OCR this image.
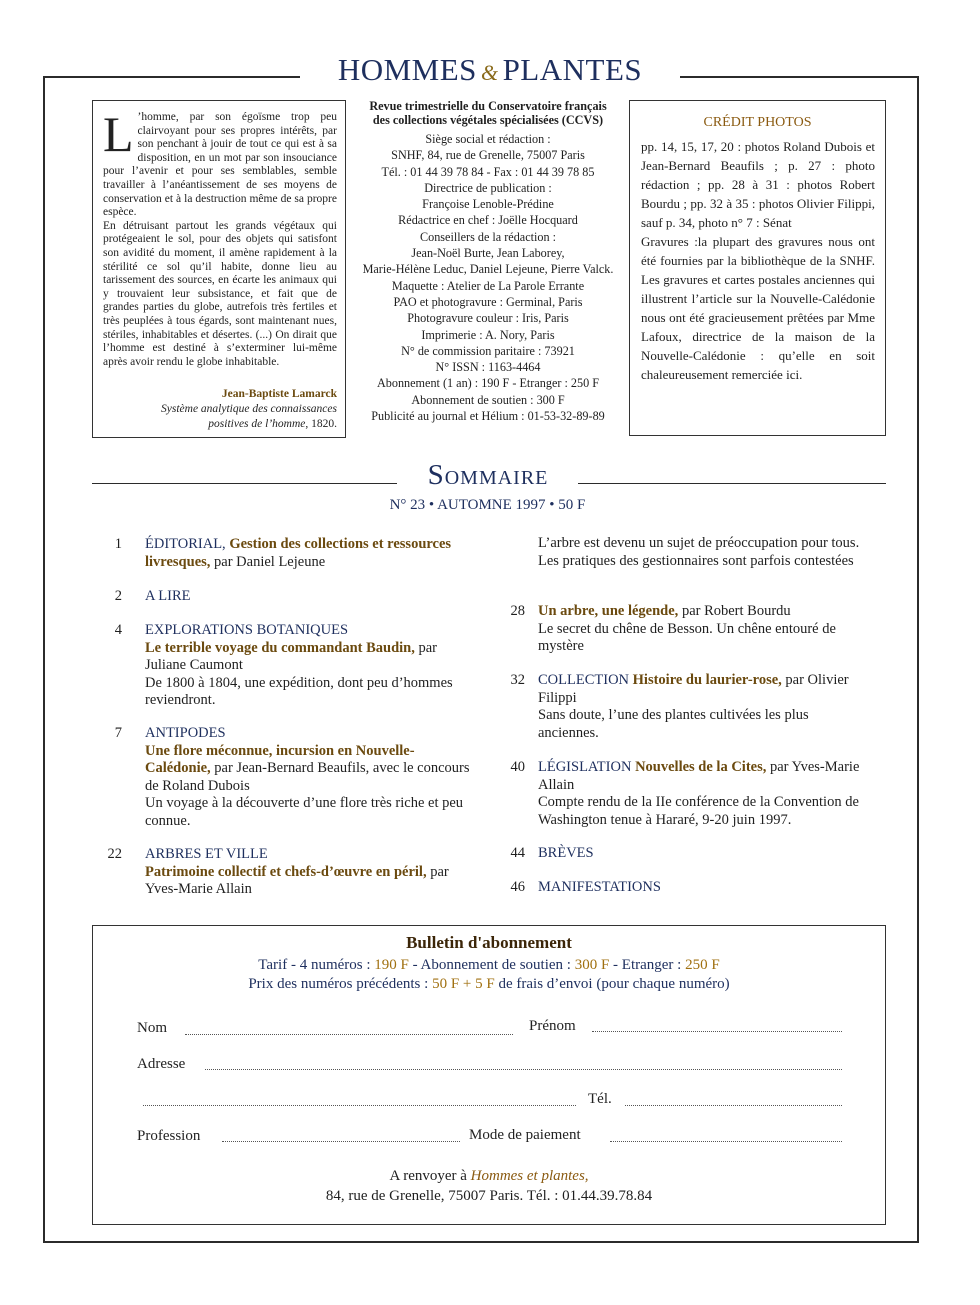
HOMMES & PLANTES
L ’homme, par son égoïsme trop peu clairvoyant pour ses propres intérêts, par son penchant à jouir de tout ce qui est à sa disposition, en un mot par son insouciance pour l’avenir et pour ses semblables, semble travailler à l’anéantissement de ses moyens de conservation et à la destruction même de sa propre espèce.
En détruisant partout les grands végétaux qui protégeaient le sol, pour des objets qui satisfont son avidité du moment, il amène rapidement à la stérilité ce sol qu’il habite, donne lieu au tarissement des sources, en écarte les animaux qui y trouvaient leur subsistance, et fait que de grandes parties du globe, autrefois très fertiles et très peuplées à tous égards, sont maintenant nues, stériles, inhabitables et désertes. (...) On dirait que l’homme est destiné à s’exterminer lui-même après avoir rendu le globe inhabitable.
Jean-Baptiste Lamarck
Système analytique des connaissances positives de l’homme, 1820.
Revue trimestrielle du Conservatoire français des collections végétales spécialisées (CCVS)
Siège social et rédaction :
SNHF, 84, rue de Grenelle, 75007 Paris
Tél. : 01 44 39 78 84 - Fax : 01 44 39 78 85
Directrice de publication :
Françoise Lenoble-Prédine
Rédactrice en chef : Joëlle Hocquard
Conseillers de la rédaction :
Jean-Noël Burte, Jean Laborey,
Marie-Hélène Leduc, Daniel Lejeune, Pierre Valck.
Maquette : Atelier de La Parole Errante
PAO et photogravure : Germinal, Paris
Photogravure couleur : Iris, Paris
Imprimerie : A. Nory, Paris
N° de commission paritaire : 73921
N° ISSN : 1163-4464
Abonnement (1 an) : 190 F - Etranger : 250 F
Abonnement de soutien : 300 F
Publicité au journal et Hélium : 01-53-32-89-89
CRÉDIT PHOTOS
pp. 14, 15, 17, 20 : photos Roland Dubois et Jean-Bernard Beaufils ; p. 27 : photo rédaction ; pp. 28 à 31 : photos Robert Bourdu ; pp. 32 à 35 : photos Olivier Filippi, sauf p. 34, photo n° 7 : Sénat
Gravures :la plupart des gravures nous ont été fournies par la bibliothèque de la SNHF. Les gravures et cartes postales anciennes qui illustrent l’article sur la Nouvelle-Calédonie nous ont été gracieusement prêtées par Mme Lafoux, directrice de la maison de la Nouvelle-Calédonie : qu’elle en soit chaleureusement remerciée ici.
Sommaire
N° 23 • AUTOMNE 1997 • 50 F
1 ÉDITORIAL, Gestion des collections et ressources livresques, par Daniel Lejeune
2 A LIRE
4 EXPLORATIONS BOTANIQUES
Le terrible voyage du commandant Baudin, par Juliane Caumont
De 1800 à 1804, une expédition, dont peu d’hommes reviendront.
7 ANTIPODES
Une flore méconnue, incursion en Nouvelle-Calédonie, par Jean-Bernard Beaufils, avec le concours de Roland Dubois
Un voyage à la découverte d’une flore très riche et peu connue.
22 ARBRES ET VILLE
Patrimoine collectif et chefs-d’œuvre en péril, par Yves-Marie Allain
L’arbre est devenu un sujet de préoccupation pour tous. Les pratiques des gestionnaires sont parfois contestées
28 Un arbre, une légende, par Robert Bourdu
Le secret du chêne de Besson. Un chêne entouré de mystère
32 COLLECTION Histoire du laurier-rose, par Olivier Filippi
Sans doute, l’une des plantes cultivées les plus anciennes.
40 LÉGISLATION Nouvelles de la Cites, par Yves-Marie Allain
Compte rendu de la IIe conférence de la Convention de Washington tenue à Hararé, 9-20 juin 1997.
44 BRÈVES
46 MANIFESTATIONS
Bulletin d'abonnement
Tarif - 4 numéros : 190 F - Abonnement de soutien : 300 F - Etranger : 250 F
Prix des numéros précédents : 50 F + 5 F de frais d’envoi (pour chaque numéro)
Nom	Prénom
Adresse
Tél.
Profession	Mode de paiement
A renvoyer à Hommes et plantes,
84, rue de Grenelle, 75007 Paris. Tél. : 01.44.39.78.84
